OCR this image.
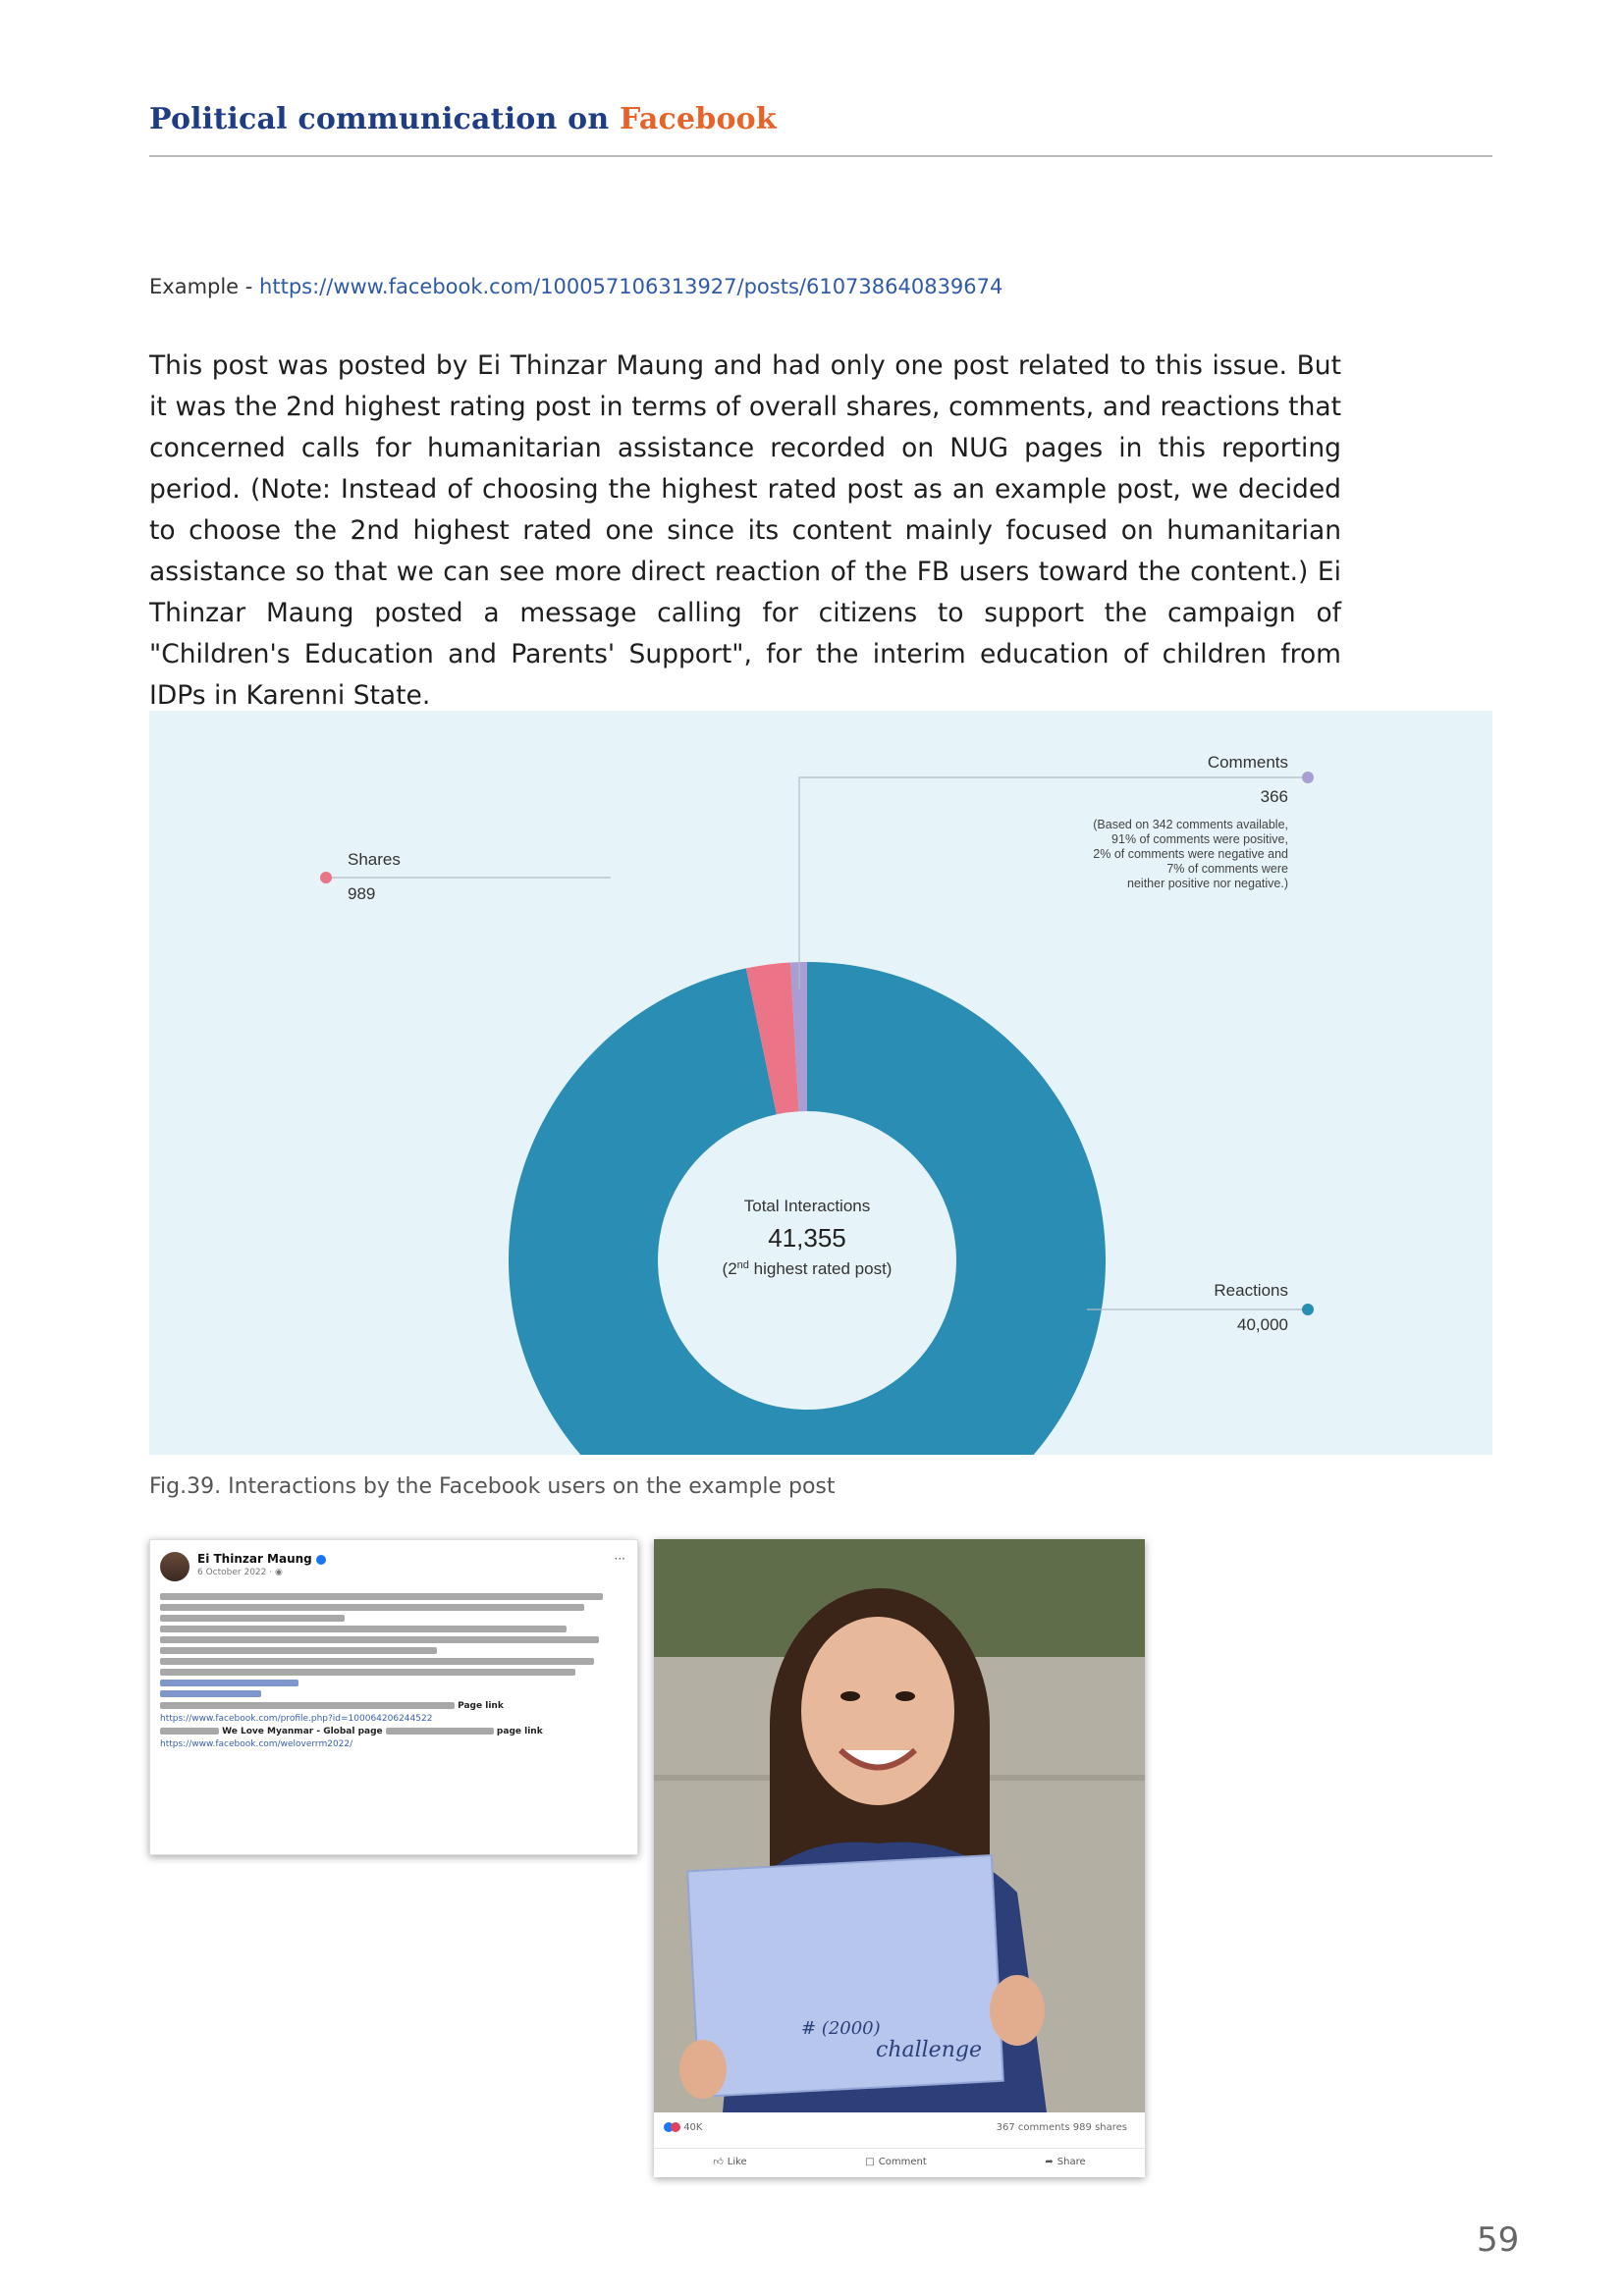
Political communication on Facebook
Example - https://www.facebook.com/100057106313927/posts/610738640839674

This post was posted by Ei Thinzar Maung and had only one post related to this issue. But it was the 2nd highest rating post in terms of overall shares, comments, and reactions that concerned calls for humanitarian assistance recorded on NUG pages in this reporting period. (Note: Instead of choosing the highest rated post as an example post, we decided to choose the 2nd highest rated one since its content mainly focused on humanitarian assistance so that we can see more direct reaction of the FB users toward the content.) Ei Thinzar Maung posted a message calling for citizens to support the campaign of "Children's Education and Parents' Support", for the interim education of children from IDPs in Karenni State.

Comments
366
(Based on 342 comments available,
91% of comments were positive,
2% of comments were negative and
7% of comments were
neither positive nor negative.)
Shares
989
Reactions
40,000
Total Interactions
41,355
(2nd highest rated post)
Fig.39. Interactions by the Facebook users on the example post
Ei Thinzar Maung
6 October 2022 · ◉
···
Page link
https://www.facebook.com/profile.php?id=100064206244522
We Love Myanmar - Global page	page link
https://www.facebook.com/weloverrm2022/
# (2000)
challenge
40K	367 comments 989 shares
👍︎ Like	□ Comment	➦ Share
59
